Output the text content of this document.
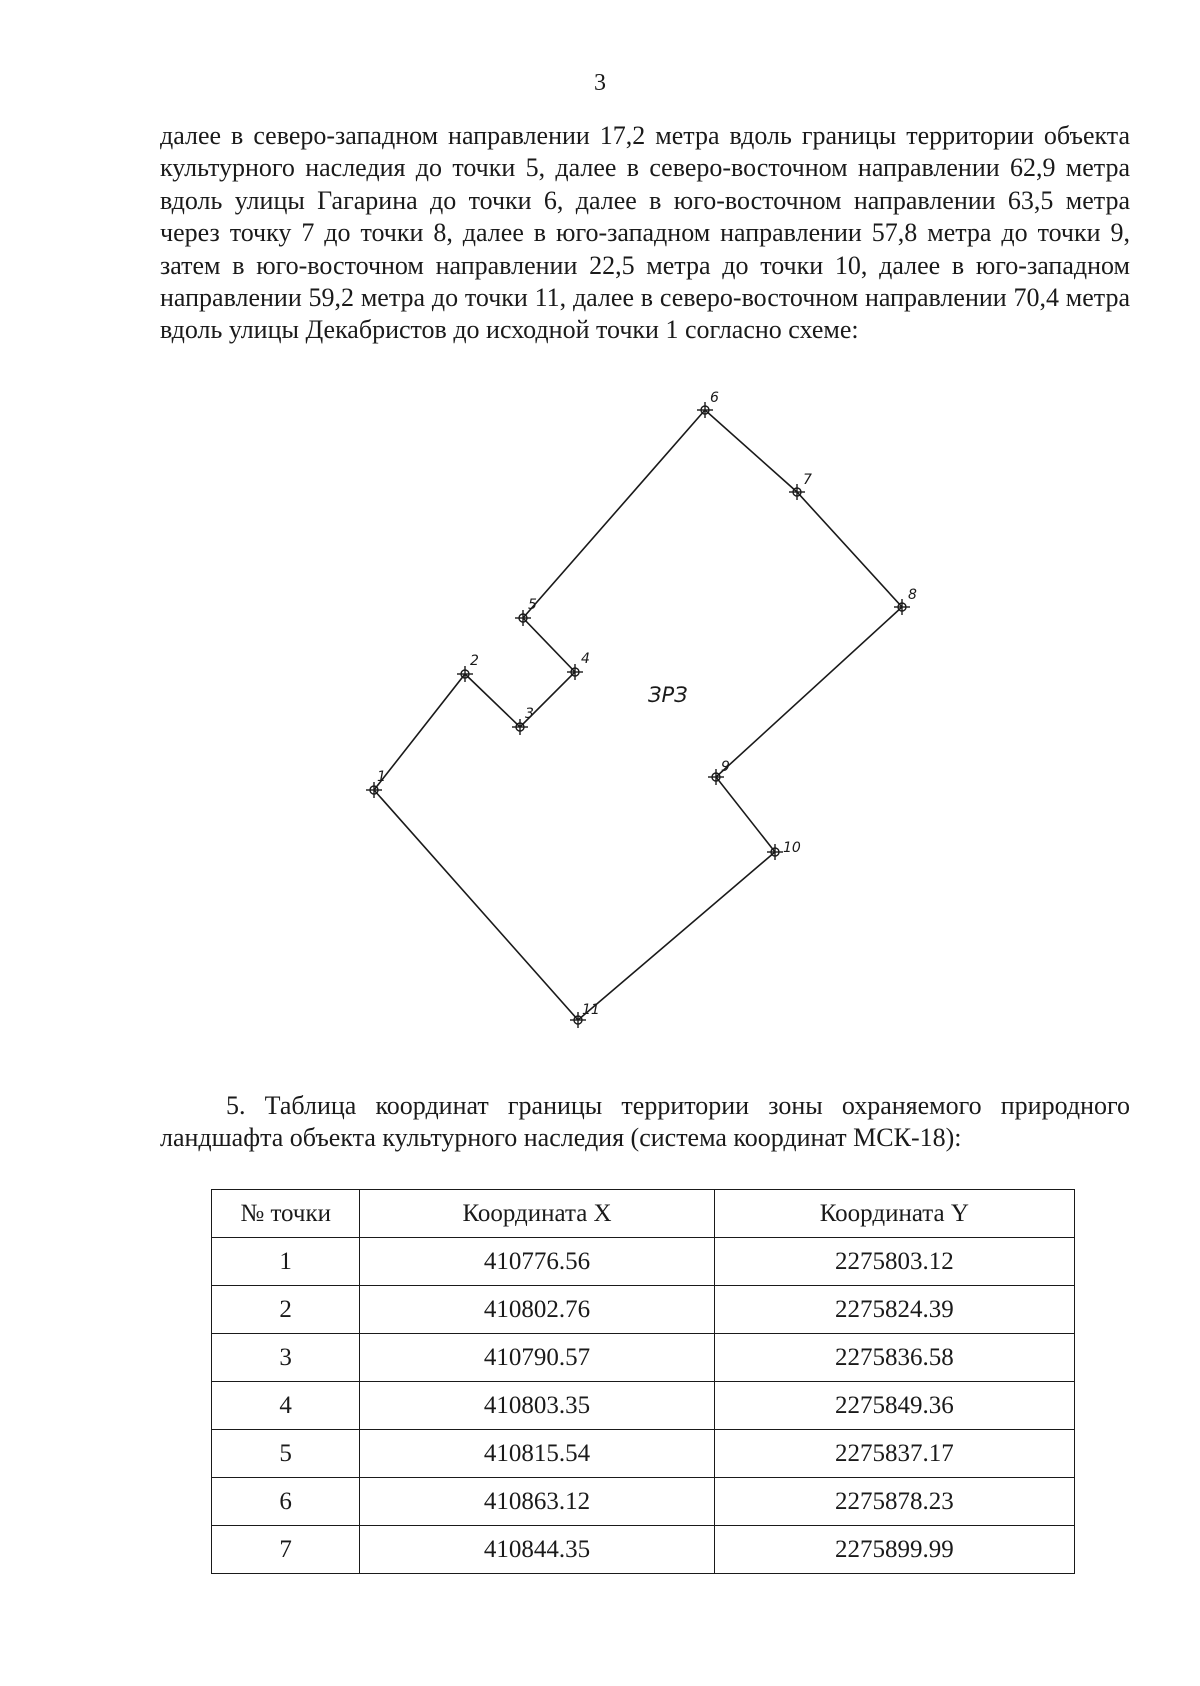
3

далее в северо-западном направлении 17,2 метра вдоль границы территории объекта культурного наследия до точки 5, далее в северо-восточном направлении 62,9 метра вдоль улицы Гагарина до точки 6, далее в юго-восточном направлении 63,5 метра через точку 7 до точки 8, далее в юго-западном направлении 57,8 метра до точки 9, затем в юго-восточном направлении 22,5 метра до точки 10, далее в юго-западном направлении 59,2 метра до точки 11, далее в северо-восточном направлении 70,4 метра вдоль улицы Декабристов до исходной точки 1 согласно схеме:

1
2
3
4
5
6
7
8
9
10
11
ЗРЗ

5. Таблица координат границы территории зоны охраняемого природного ландшафта объекта культурного наследия (система координат МСК-18):

№ точки	Координата X	Координата Y
1	410776.56	2275803.12
2	410802.76	2275824.39
3	410790.57	2275836.58
4	410803.35	2275849.36
5	410815.54	2275837.17
6	410863.12	2275878.23
7	410844.35	2275899.99
